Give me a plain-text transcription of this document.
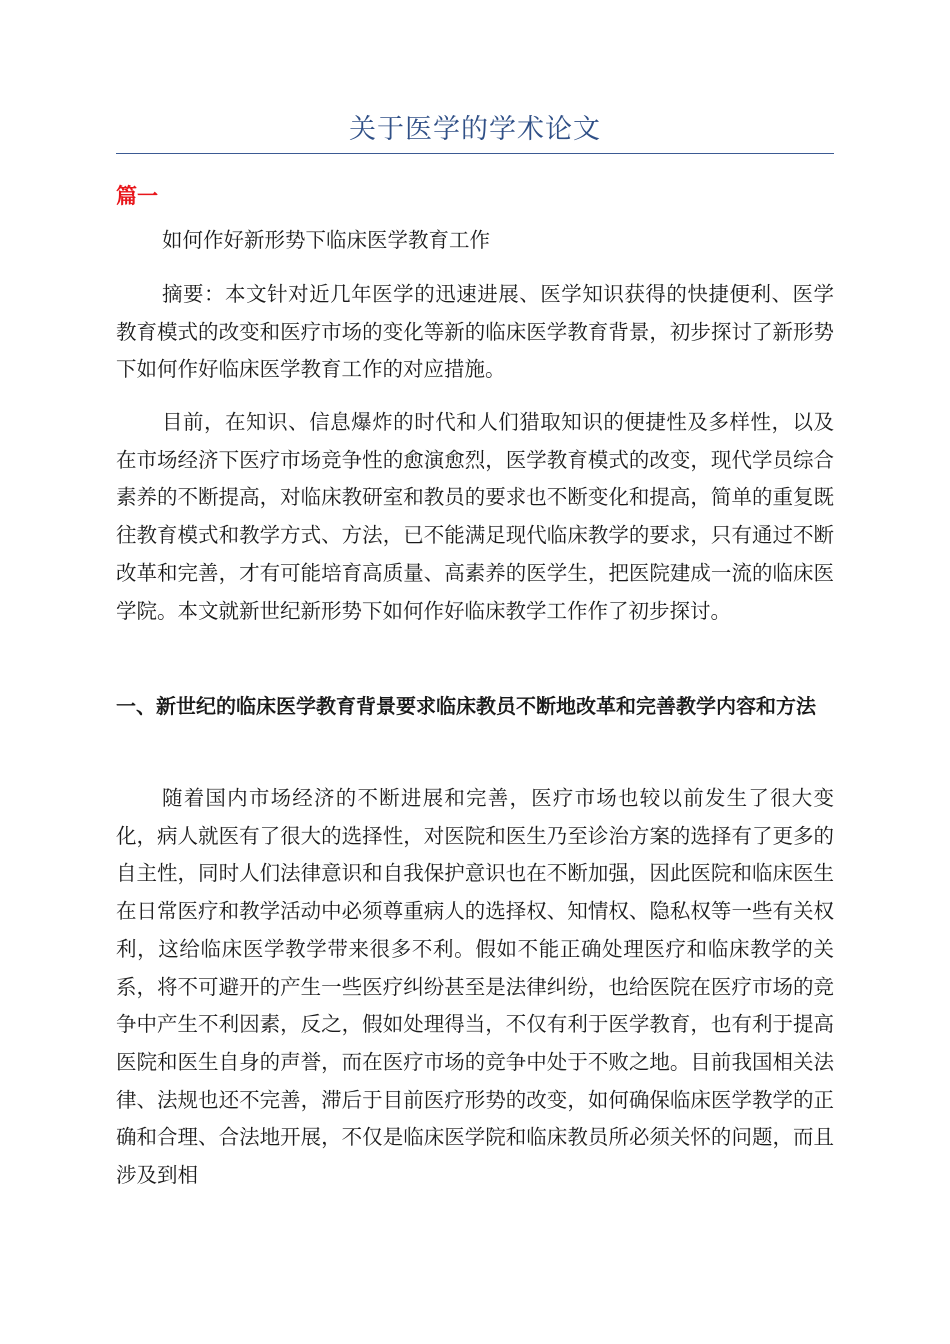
关于医学的学术论文
篇一
如何作好新形势下临床医学教育工作

摘要：本文针对近几年医学的迅速进展、医学知识获得的快捷便利、医学教育模式的改变和医疗市场的变化等新的临床医学教育背景，初步探讨了新形势下如何作好临床医学教育工作的对应措施。

目前，在知识、信息爆炸的时代和人们猎取知识的便捷性及多样性，以及在市场经济下医疗市场竞争性的愈演愈烈，医学教育模式的改变，现代学员综合素养的不断提高，对临床教研室和教员的要求也不断变化和提高，简单的重复既往教育模式和教学方式、方法，已不能满足现代临床教学的要求，只有通过不断改革和完善，才有可能培育高质量、高素养的医学生，把医院建成一流的临床医学院。本文就新世纪新形势下如何作好临床教学工作作了初步探讨。

一、新世纪的临床医学教育背景要求临床教员不断地改革和完善教学内容和方法

随着国内市场经济的不断进展和完善，医疗市场也较以前发生了很大变化，病人就医有了很大的选择性，对医院和医生乃至诊治方案的选择有了更多的自主性，同时人们法律意识和自我保护意识也在不断加强，因此医院和临床医生在日常医疗和教学活动中必须尊重病人的选择权、知情权、隐私权等一些有关权利，这给临床医学教学带来很多不利。假如不能正确处理医疗和临床教学的关系，将不可避开的产生一些医疗纠纷甚至是法律纠纷，也给医院在医疗市场的竞争中产生不利因素，反之，假如处理得当，不仅有利于医学教育，也有利于提高医院和医生自身的声誉，而在医疗市场的竞争中处于不败之地。目前我国相关法律、法规也还不完善，滞后于目前医疗形势的改变，如何确保临床医学教学的正确和合理、合法地开展，不仅是临床医学院和临床教员所必须关怀的问题，而且涉及到相
